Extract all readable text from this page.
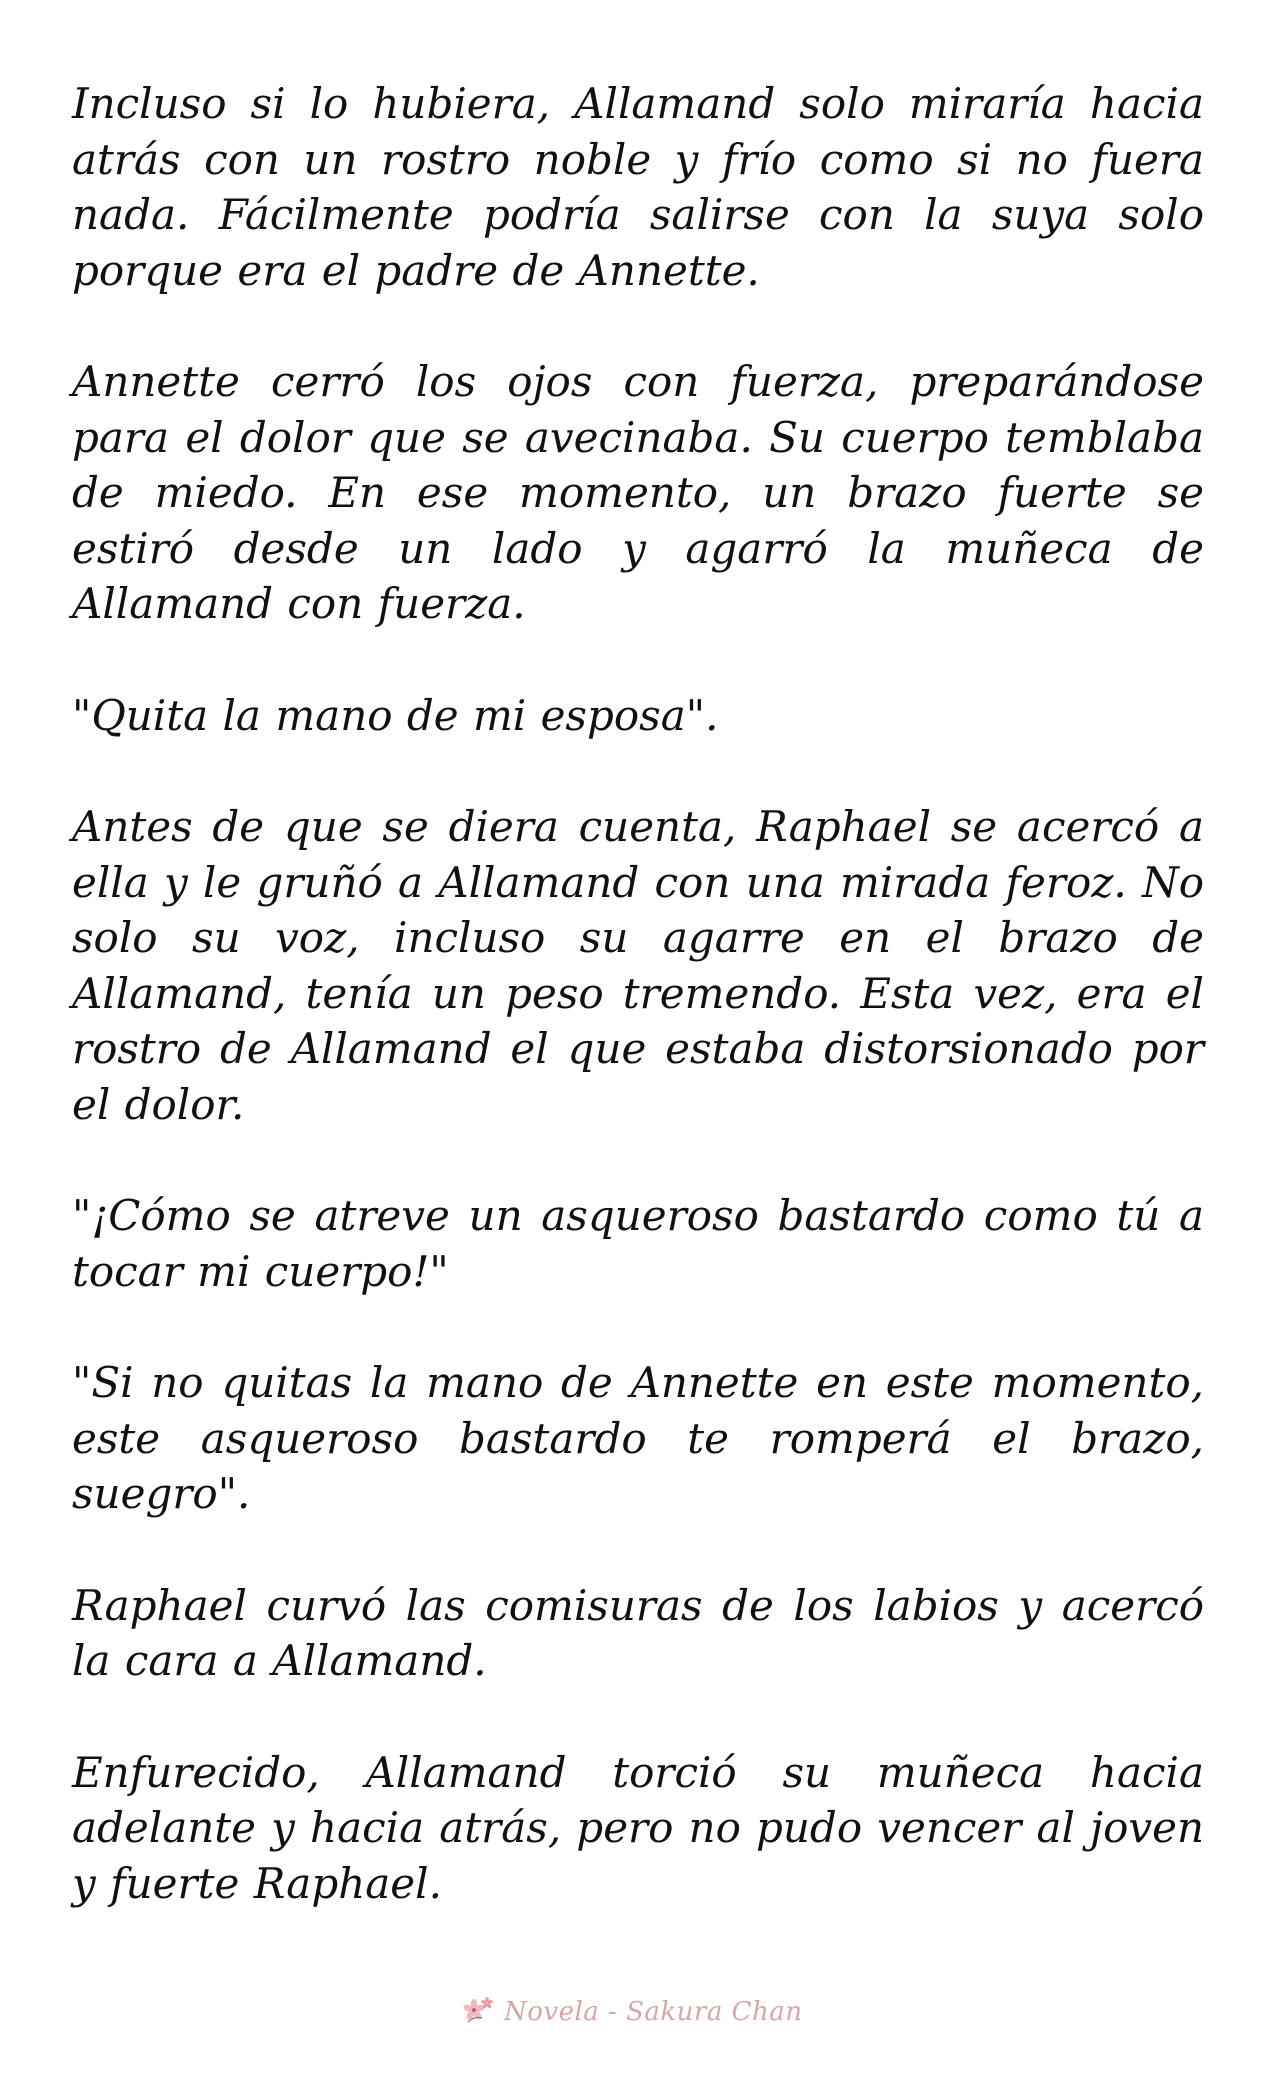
Incluso si lo hubiera, Allamand solo miraría hacia atrás con un rostro noble y frío como si no fuera nada. Fácilmente podría salirse con la suya solo porque era el padre de Annette.

Annette cerró los ojos con fuerza, preparándose para el dolor que se avecinaba. Su cuerpo temblaba de miedo. En ese momento, un brazo fuerte se estiró desde un lado y agarró la muñeca de Allamand con fuerza.

"Quita la mano de mi esposa".

Antes de que se diera cuenta, Raphael se acercó a ella y le gruñó a Allamand con una mirada feroz. No solo su voz, incluso su agarre en el brazo de Allamand, tenía un peso tremendo. Esta vez, era el rostro de Allamand el que estaba distorsionado por el dolor.

"¡Cómo se atreve un asqueroso bastardo como tú a tocar mi cuerpo!"

"Si no quitas la mano de Annette en este momento, este asqueroso bastardo te romperá el brazo, suegro".

Raphael curvó las comisuras de los labios y acercó la cara a Allamand.

Enfurecido, Allamand torció su muñeca hacia adelante y hacia atrás, pero no pudo vencer al joven y fuerte Raphael.

Novela - Sakura Chan
